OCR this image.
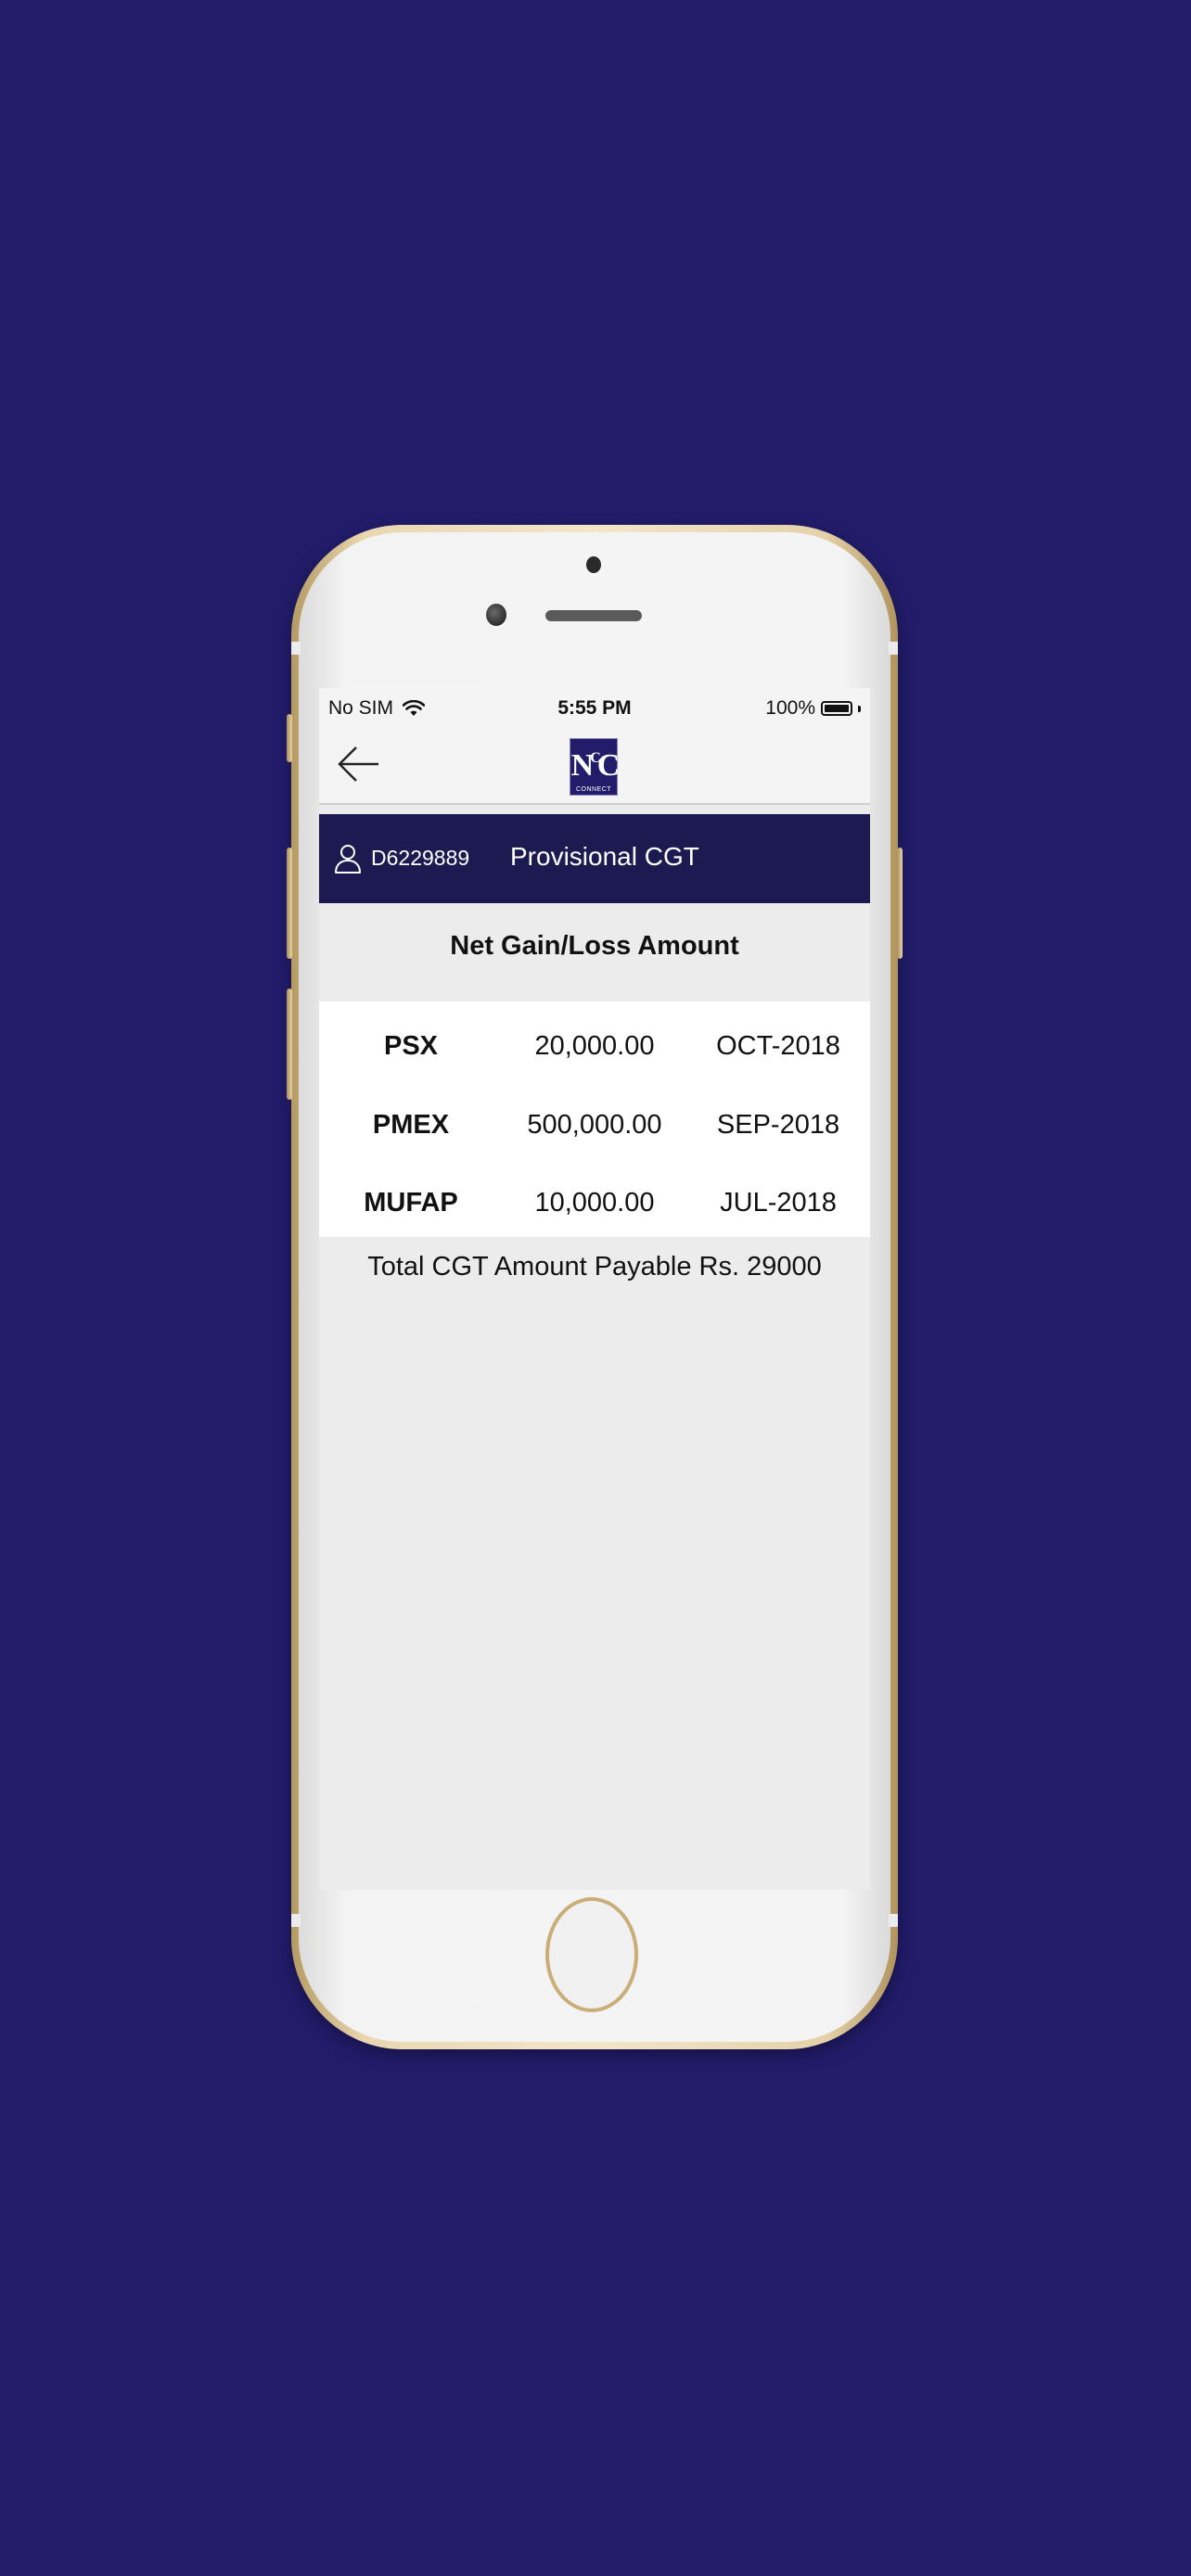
No SIM	5:55 PM	100%
$N^CC$
CONNECT
D6229889 Provisional CGT
Net Gain/Loss Amount
PSX	20,000.00	OCT-2018
PMEX	500,000.00	SEP-2018
MUFAP	10,000.00	JUL-2018
Total CGT Amount Payable Rs. 29000
